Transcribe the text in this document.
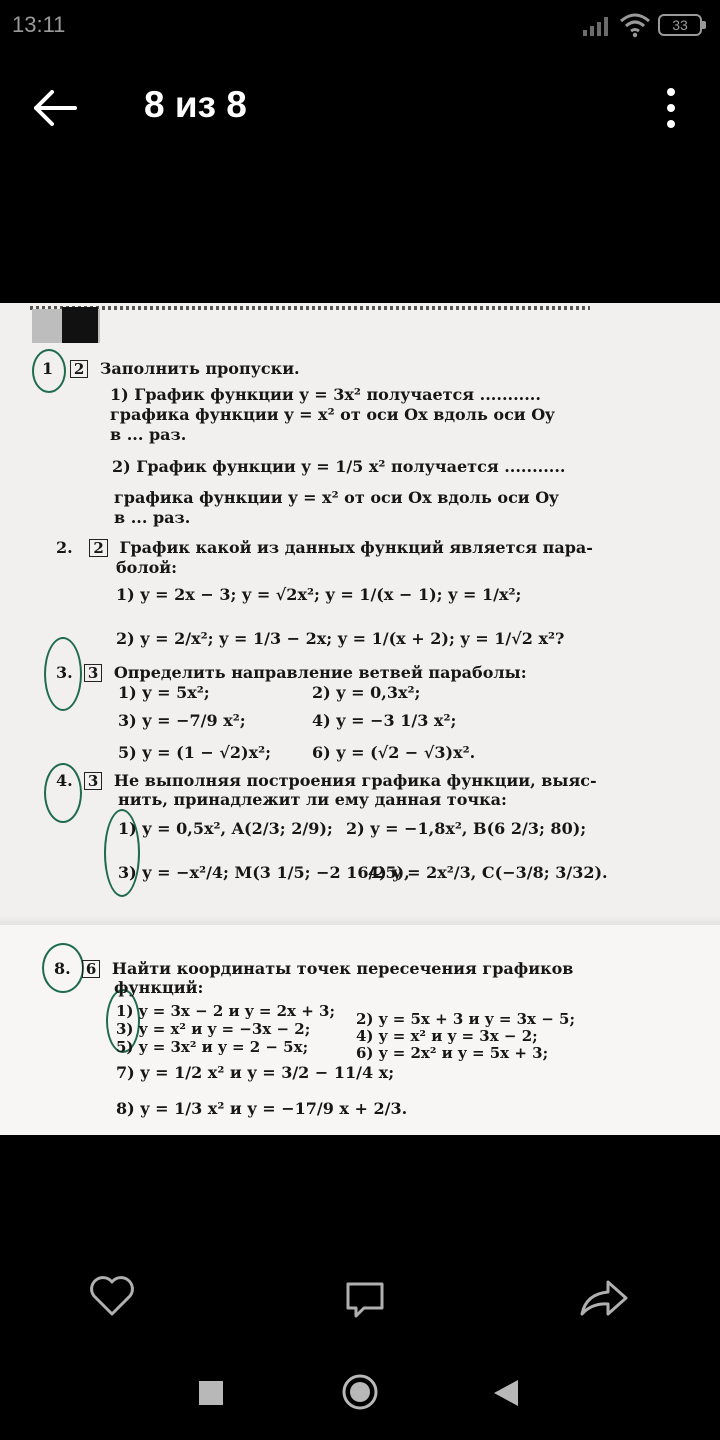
13:11	33
8 из 8
1 2 Заполнить пропуски.
1) График функции y = 3x² получается ...........
графика функции y = x² от оси Ox вдоль оси Oy
в ... раз.
2) График функции y = 1/5 x² получается ...........
графика функции y = x² от оси Ox вдоль оси Oy
в ... раз.
2. 2 График какой из данных функций является пара-
болой:
1) y = 2x − 3; y = √2x²; y = 1/(x − 1); y = 1/x²;
2) y = 2/x²; y = 1/3 − 2x; y = 1/(x + 2); y = 1/√2 x²?
3. 3 Определить направление ветвей параболы:
1) y = 5x²;	2) y = 0,3x²;
3) y = −7/9 x²;	4) y = −3 1/3 x²;
5) y = (1 − √2)x²;	6) y = (√2 − √3)x².
4. 3 Не выполняя построения графика функции, выяс-
нить, принадлежит ли ему данная точка:
1) y = 0,5x², A(2/3; 2/9); 2) y = −1,8x², B(6 2/3; 80);
3) y = −x²/4; M(3 1/5; −2 16/25),
4) y = 2x²/3, C(−3/8; 3/32).
8. 6 Найти координаты точек пересечения графиков
функций:
1) y = 3x − 2 и y = 2x + 3; 2) y = 5x + 3 и y = 3x − 5;
3) y = x² и y = −3x − 2;	4) y = x² и y = 3x − 2;
5) y = 3x² и y = 2 − 5x;	6) y = 2x² и y = 5x + 3;
7) y = 1/2 x² и y = 3/2 − 11/4 x;
8) y = 1/3 x² и y = −17/9 x + 2/3.
